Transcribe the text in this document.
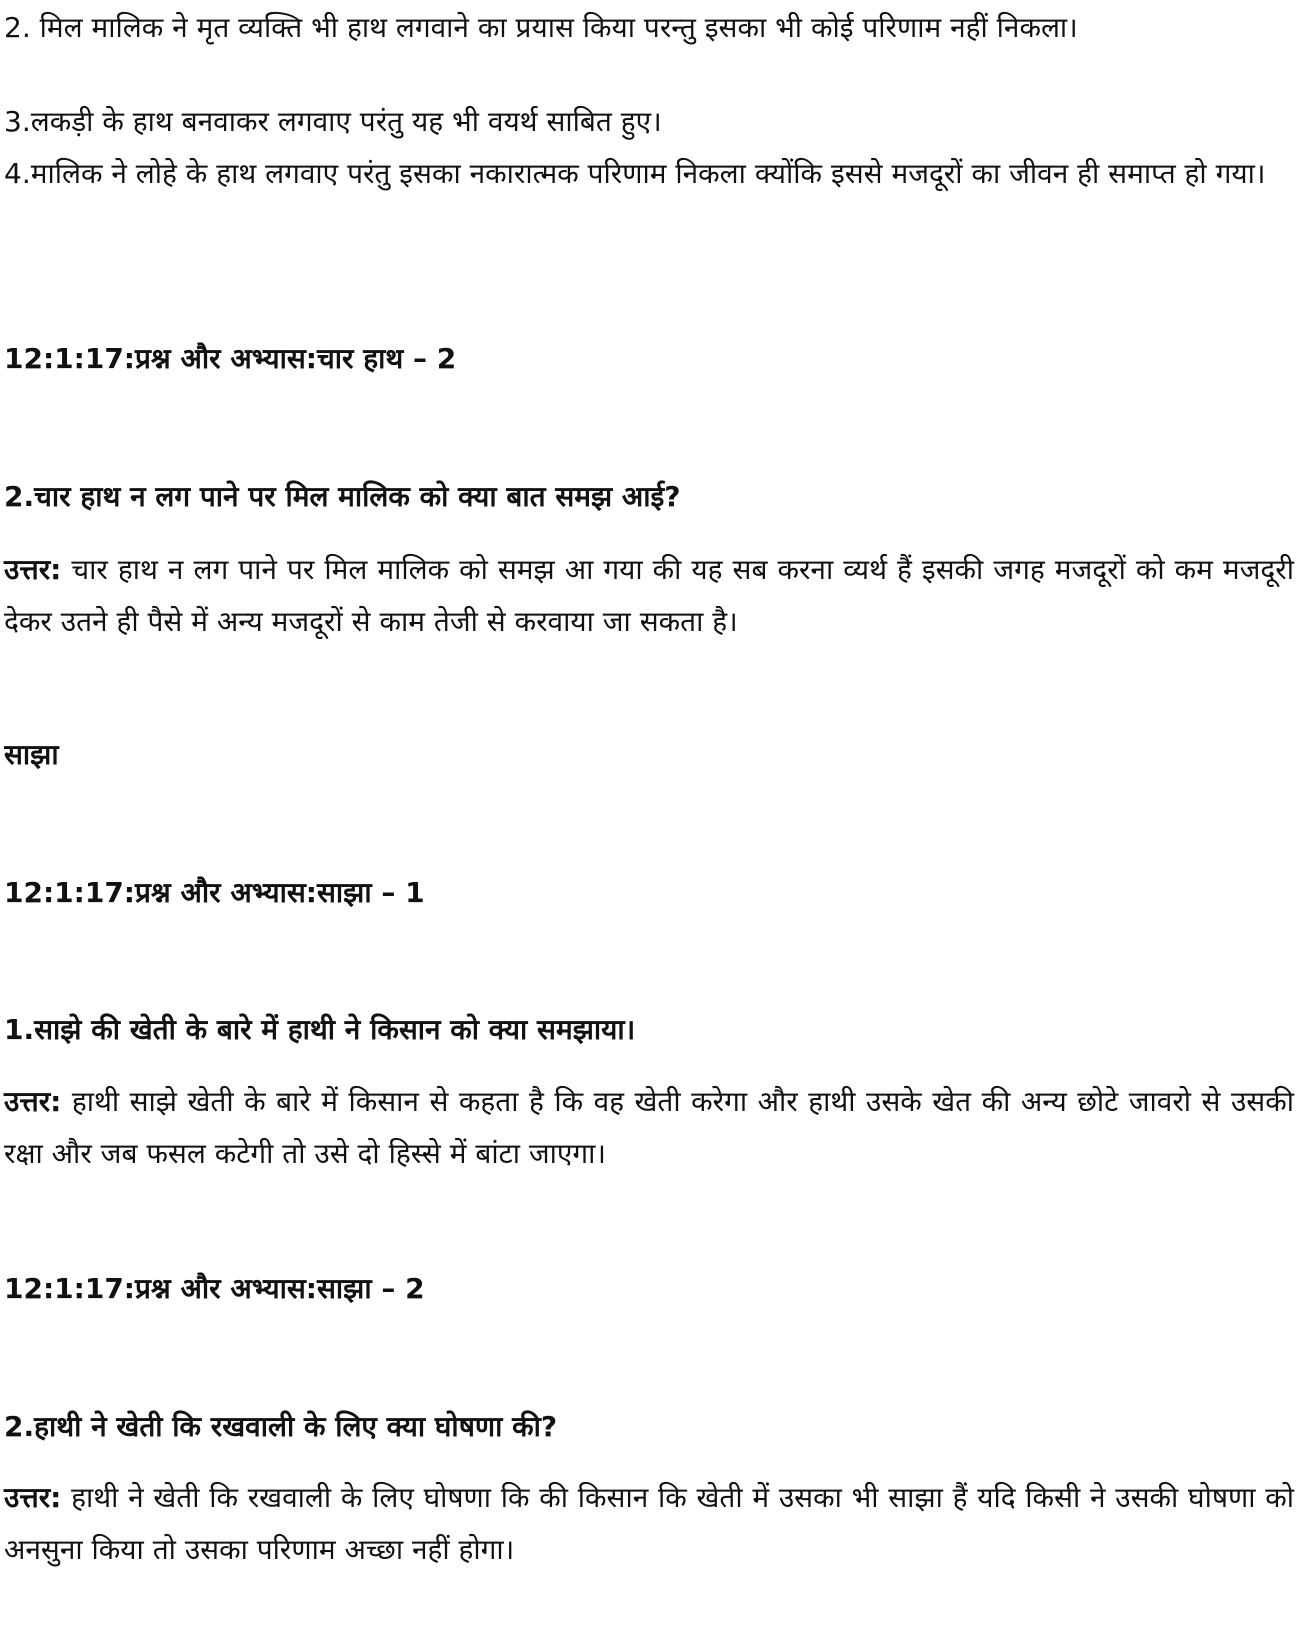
2. मिल मालिक ने मृत व्यक्ति भी हाथ लगवाने का प्रयास किया परन्तु इसका भी कोई परिणाम नहीं निकला।
3.लकड़ी के हाथ बनवाकर लगवाए परंतु यह भी वयर्थ साबित हुए।
4.मालिक ने लोहे के हाथ लगवाए परंतु इसका नकारात्मक परिणाम निकला क्योंकि इससे मजदूरों का जीवन ही समाप्त हो गया।
12:1:17:प्रश्न और अभ्यास:चार हाथ – 2
2.चार हाथ न लग पाने पर मिल मालिक को क्या बात समझ आई?
उत्तर: चार हाथ न लग पाने पर मिल मालिक को समझ आ गया की यह सब करना व्यर्थ हैं इसकी जगह मजदूरों को कम मजदूरी देकर उतने ही पैसे में अन्य मजदूरों से काम तेजी से करवाया जा सकता है।
साझा
12:1:17:प्रश्न और अभ्यास:साझा – 1
1.साझे की खेती के बारे में हाथी ने किसान को क्या समझाया।
उत्तर: हाथी साझे खेती के बारे में किसान से कहता है कि वह खेती करेगा और हाथी उसके खेत की अन्य छोटे जावरो से उसकी रक्षा और जब फसल कटेगी तो उसे दो हिस्से में बांटा जाएगा।
12:1:17:प्रश्न और अभ्यास:साझा – 2
2.हाथी ने खेती कि रखवाली के लिए क्या घोषणा की?
उत्तर: हाथी ने खेती कि रखवाली के लिए घोषणा कि की किसान कि खेती में उसका भी साझा हैं यदि किसी ने उसकी घोषणा को अनसुना किया तो उसका परिणाम अच्छा नहीं होगा।
